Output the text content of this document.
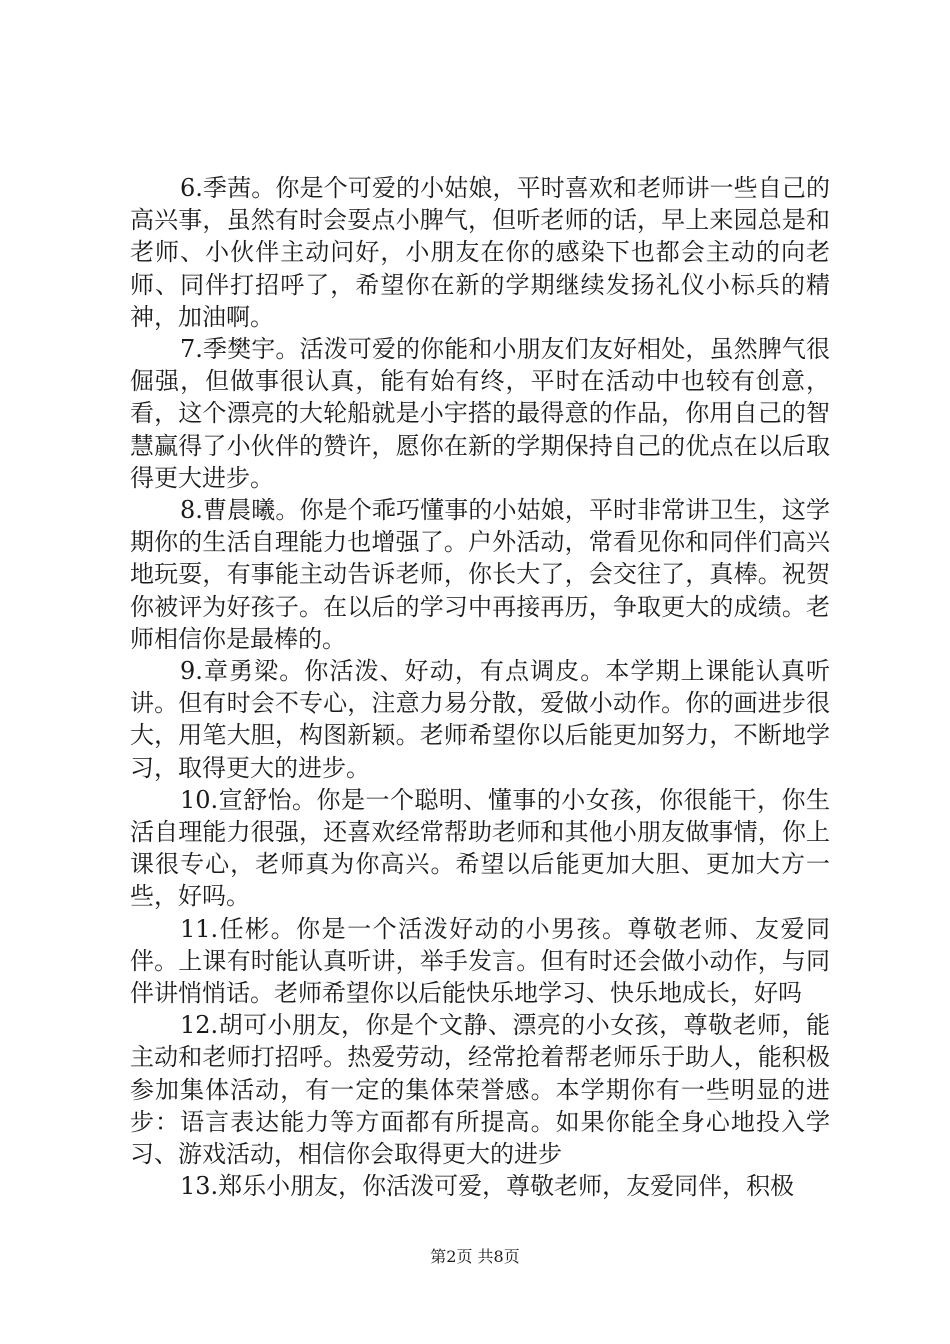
6.季茜。你是个可爱的小姑娘，平时喜欢和老师讲一些自己的高兴事，虽然有时会耍点小脾气，但听老师的话，早上来园总是和老师、小伙伴主动问好，小朋友在你的感染下也都会主动的向老师、同伴打招呼了，希望你在新的学期继续发扬礼仪小标兵的精神，加油啊。

7.季樊宇。活泼可爱的你能和小朋友们友好相处，虽然脾气很倔强，但做事很认真，能有始有终，平时在活动中也较有创意，看，这个漂亮的大轮船就是小宇搭的最得意的作品，你用自己的智慧赢得了小伙伴的赞许，愿你在新的学期保持自己的优点在以后取得更大进步。

8.曹晨曦。你是个乖巧懂事的小姑娘，平时非常讲卫生，这学期你的生活自理能力也增强了。户外活动，常看见你和同伴们高兴地玩耍，有事能主动告诉老师，你长大了，会交往了，真棒。祝贺你被评为好孩子。在以后的学习中再接再历，争取更大的成绩。老师相信你是最棒的。

9.章勇梁。你活泼、好动，有点调皮。本学期上课能认真听讲。但有时会不专心，注意力易分散，爱做小动作。你的画进步很大，用笔大胆，构图新颖。老师希望你以后能更加努力，不断地学习，取得更大的进步。

10.宣舒怡。你是一个聪明、懂事的小女孩，你很能干，你生活自理能力很强，还喜欢经常帮助老师和其他小朋友做事情，你上课很专心，老师真为你高兴。希望以后能更加大胆、更加大方一些，好吗。

11.任彬。你是一个活泼好动的小男孩。尊敬老师、友爱同伴。上课有时能认真听讲，举手发言。但有时还会做小动作，与同伴讲悄悄话。老师希望你以后能快乐地学习、快乐地成长，好吗

12.胡可小朋友，你是个文静、漂亮的小女孩，尊敬老师，能主动和老师打招呼。热爱劳动，经常抢着帮老师乐于助人，能积极参加集体活动，有一定的集体荣誉感。本学期你有一些明显的进步：语言表达能力等方面都有所提高。如果你能全身心地投入学习、游戏活动，相信你会取得更大的进步

13.郑乐小朋友，你活泼可爱，尊敬老师，友爱同伴，积极

第2页 共8页
